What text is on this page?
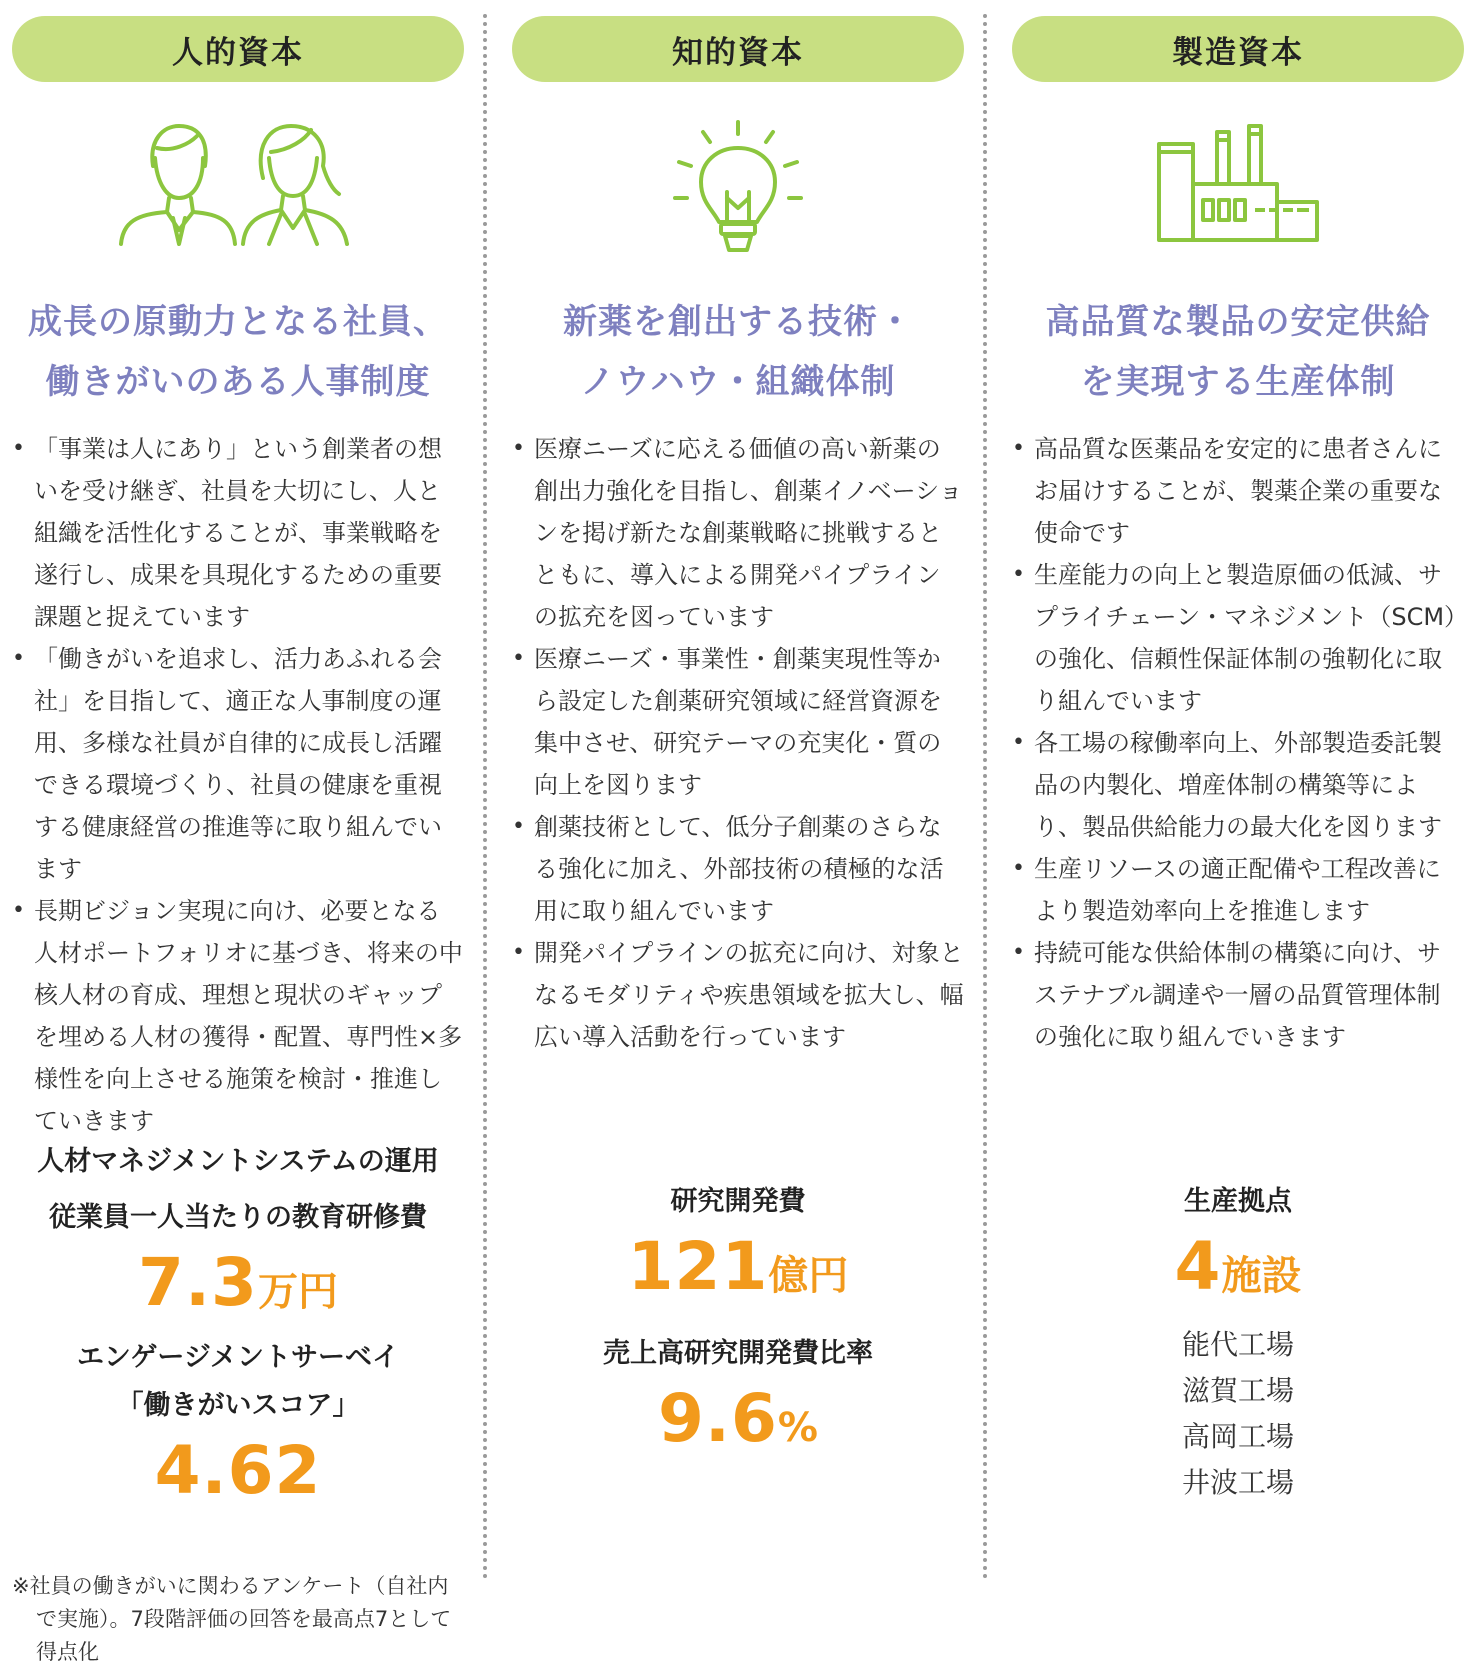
人的資本
成長の原動力となる社員、
働きがいのある人事制度
• 「事業は人にあり」という創業者の想いを受け継ぎ、社員を大切にし、人と組織を活性化することが、事業戦略を遂行し、成果を具現化するための重要課題と捉えています
• 「働きがいを追求し、活力あふれる会社」を目指して、適正な人事制度の運用、多様な社員が自律的に成長し活躍できる環境づくり、社員の健康を重視する健康経営の推進等に取り組んでいます
• 長期ビジョン実現に向け、必要となる人材ポートフォリオに基づき、将来の中核人材の育成、理想と現状のギャップを埋める人材の獲得・配置、専門性×多様性を向上させる施策を検討・推進していきます
人材マネジメントシステムの運用
従業員一人当たりの教育研修費
7.3万円
エンゲージメントサーベイ
「働きがいスコア」
4.62
※社員の働きがいに関わるアンケート（自社内で実施）。7段階評価の回答を最高点7として得点化
知的資本
新薬を創出する技術・
ノウハウ・組織体制
• 医療ニーズに応える価値の高い新薬の創出力強化を目指し、創薬イノベーションを掲げ新たな創薬戦略に挑戦するとともに、導入による開発パイプラインの拡充を図っています
• 医療ニーズ・事業性・創薬実現性等から設定した創薬研究領域に経営資源を集中させ、研究テーマの充実化・質の向上を図ります
• 創薬技術として、低分子創薬のさらなる強化に加え、外部技術の積極的な活用に取り組んでいます
• 開発パイプラインの拡充に向け、対象となるモダリティや疾患領域を拡大し、幅広い導入活動を行っています
研究開発費
121億円
売上高研究開発費比率
9.6%
製造資本
高品質な製品の安定供給
を実現する生産体制
• 高品質な医薬品を安定的に患者さんにお届けすることが、製薬企業の重要な使命です
• 生産能力の向上と製造原価の低減、サプライチェーン・マネジメント（SCM）の強化、信頼性保証体制の強靭化に取り組んでいます
• 各工場の稼働率向上、外部製造委託製品の内製化、増産体制の構築等により、製品供給能力の最大化を図ります
• 生産リソースの適正配備や工程改善により製造効率向上を推進します
• 持続可能な供給体制の構築に向け、サステナブル調達や一層の品質管理体制の強化に取り組んでいきます
生産拠点
4施設
能代工場
滋賀工場
高岡工場
井波工場
